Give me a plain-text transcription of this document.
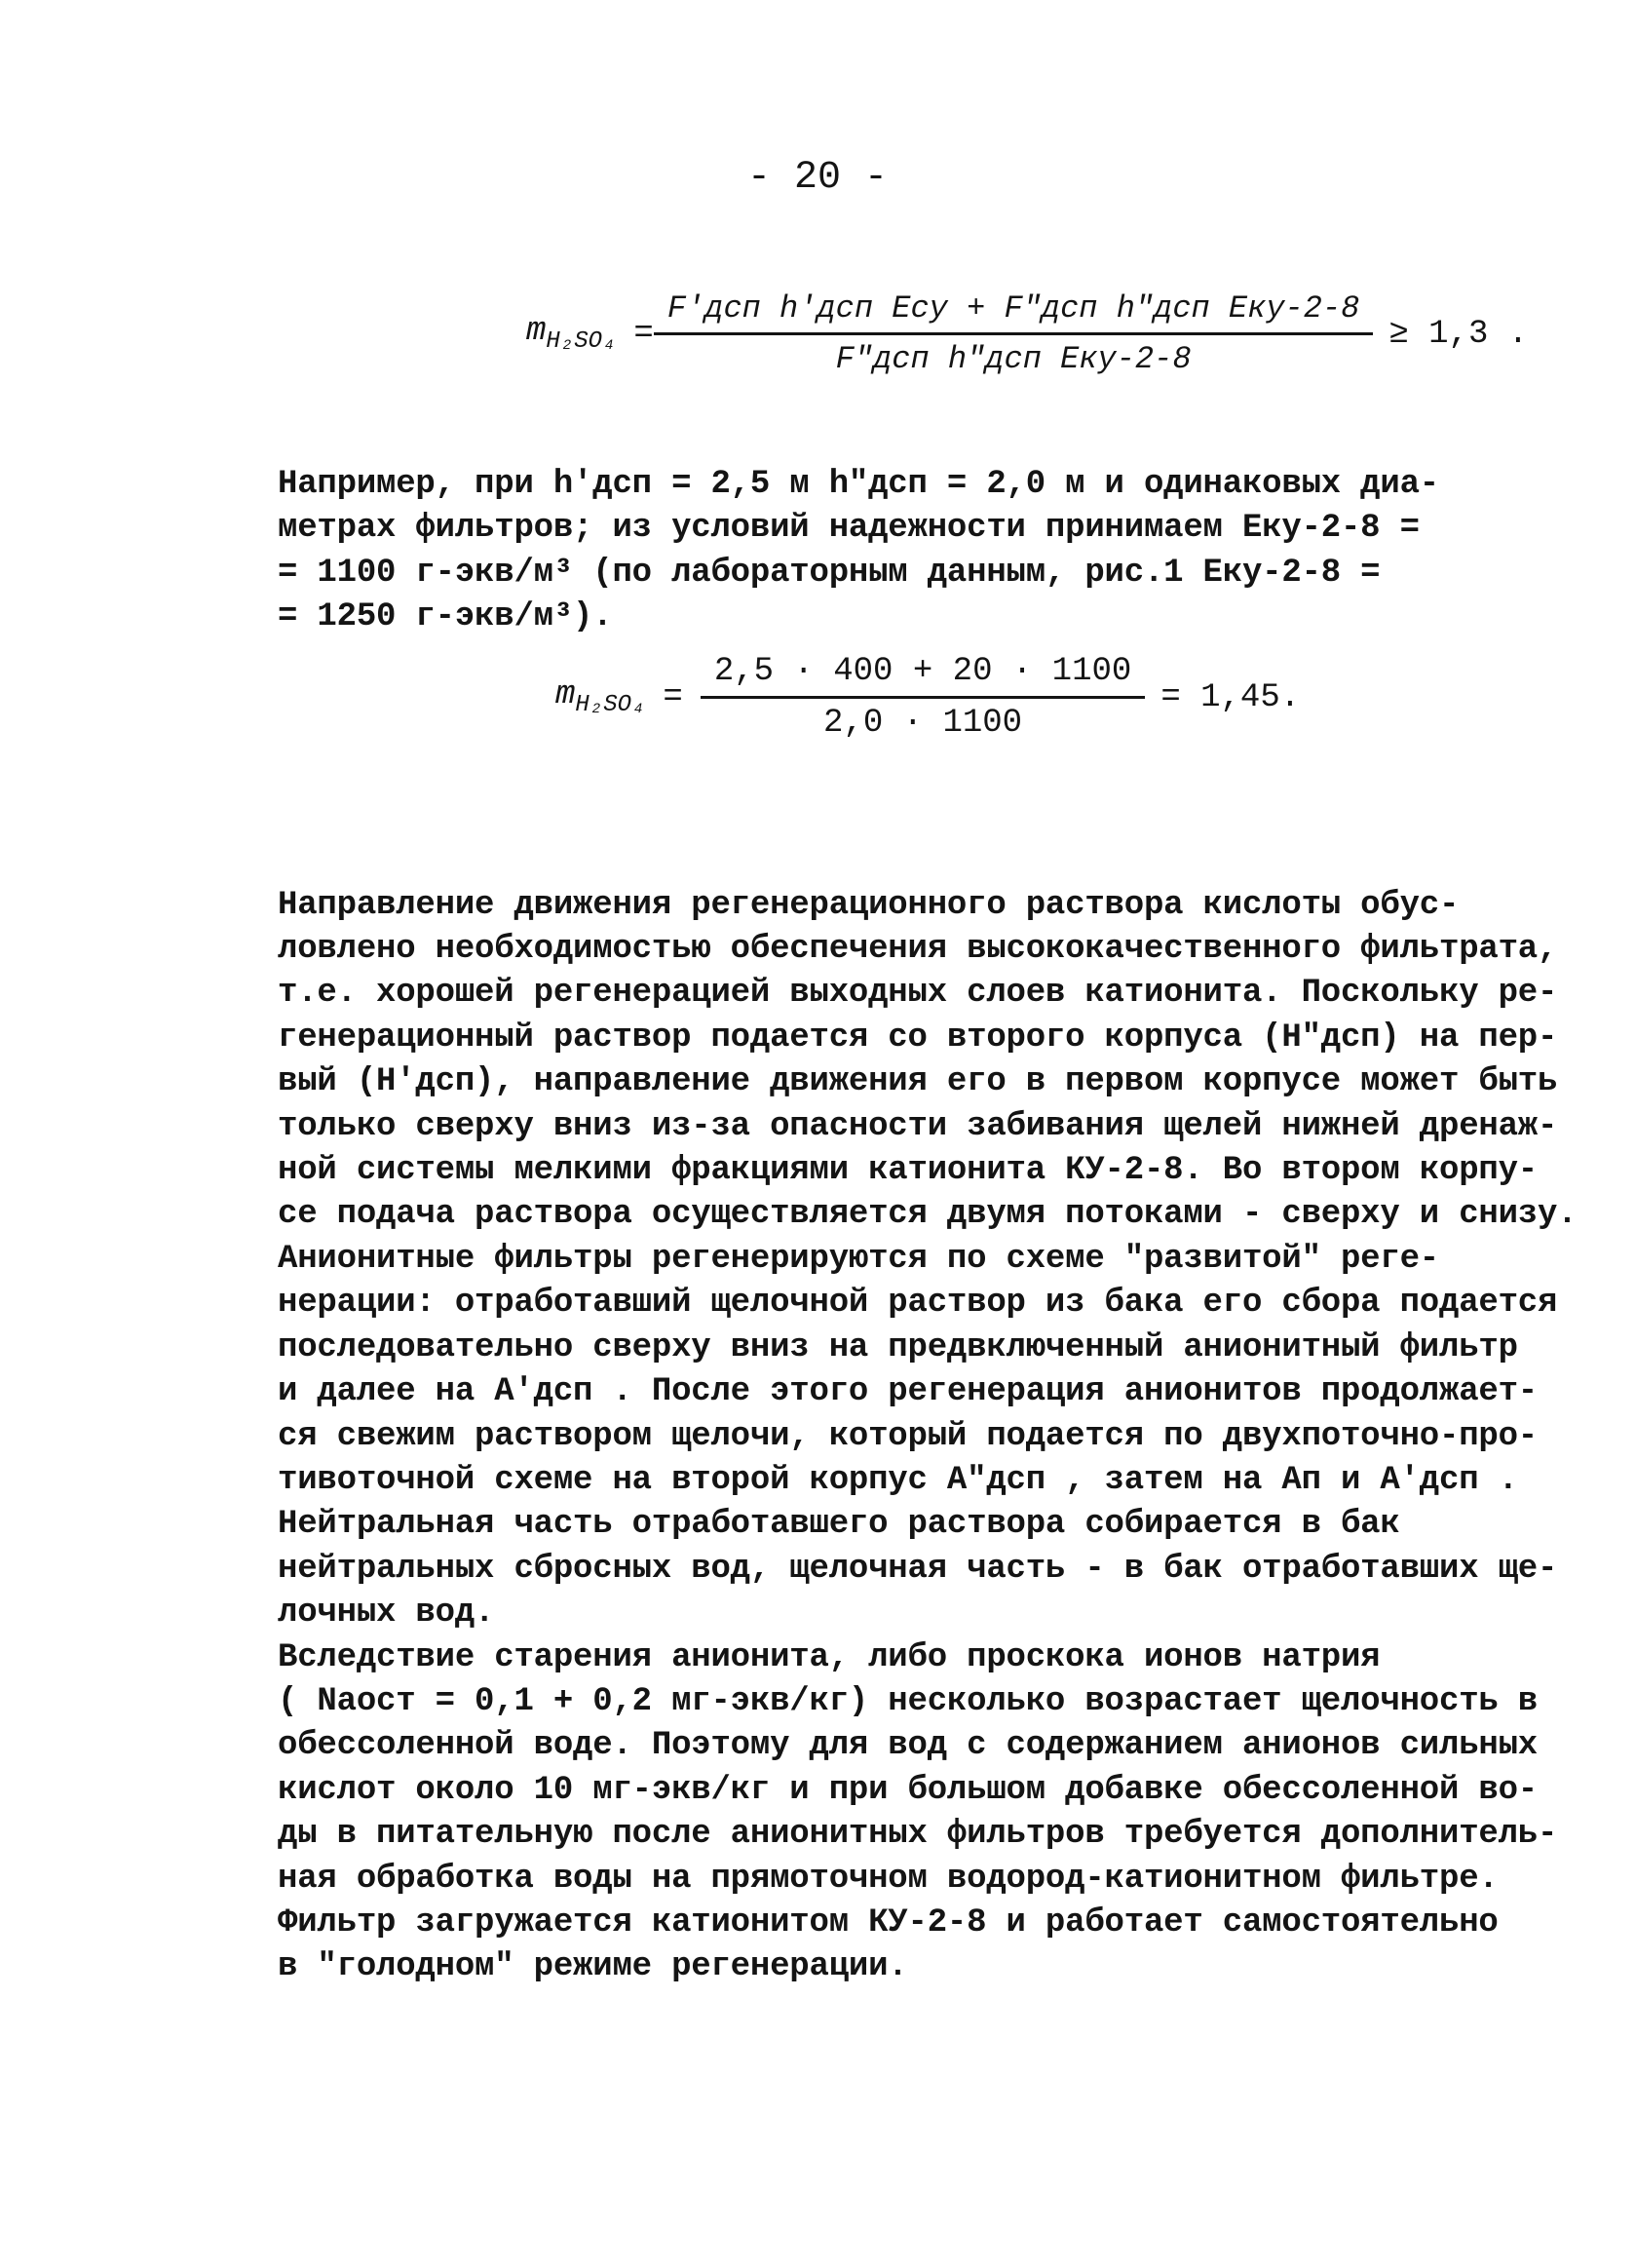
- 20 -
$m_{H_2SO_4} = \frac{\text{F′дсп h′дсп Eсу + F″дсп h″дсп Eку-2-8}}{\text{F″дсп h″дсп Eку-2-8}} \ge 1,3$ .
$m_{H_2SO_4} = \frac{2,5 \cdot 400 + 20 \cdot 1100}{2,0 \cdot 1100} = 1,45$.
Например, при h′дсп = 2,5 м h″дсп = 2,0 м и одинаковых диа-
метрах фильтров; из условий надежности принимаем Eку-2-8 =
= 1100 г-экв/м³ (по лабораторным данным, рис.1 Eку-2-8 =
= 1250 г-экв/м³).
Направление движения регенерационного раствора кислоты обус-
ловлено необходимостью обеспечения высококачественного фильтрата,
т.е. хорошей регенерацией выходных слоев катионита. Поскольку ре-
генерационный раствор подается со второго корпуса (H″дсп) на пер-
вый (H′дсп), направление движения его в первом корпусе может быть
только сверху вниз из-за опасности забивания щелей нижней дренаж-
ной системы мелкими фракциями катионита КУ-2-8. Во втором корпу-
се подача раствора осуществляется двумя потоками - сверху и снизу.
Анионитные фильтры регенерируются по схеме "развитой" реге-
нерации: отработавший щелочной раствор из бака его сбора подается
последовательно сверху вниз на предвключенный анионитный фильтр
и далее на A′дсп . После этого регенерация анионитов продолжает-
ся свежим раствором щелочи, который подается по двухпоточно-про-
тивоточной схеме на второй корпус A″дсп , затем на Aп и A′дсп .
Нейтральная часть отработавшего раствора собирается в бак
нейтральных сбросных вод, щелочная часть - в бак отработавших ще-
лочных вод.
Вследствие старения анионита, либо проскока ионов натрия
( Naост = 0,1 + 0,2 мг-экв/кг) несколько возрастает щелочность в
обессоленной воде. Поэтому для вод с содержанием анионов сильных
кислот около 10 мг-экв/кг и при большом добавке обессоленной во-
ды в питательную после анионитных фильтров требуется дополнитель-
ная обработка воды на прямоточном водород-катионитном фильтре.
Фильтр загружается катионитом КУ-2-8 и работает самостоятельно
в "голодном" режиме регенерации.
